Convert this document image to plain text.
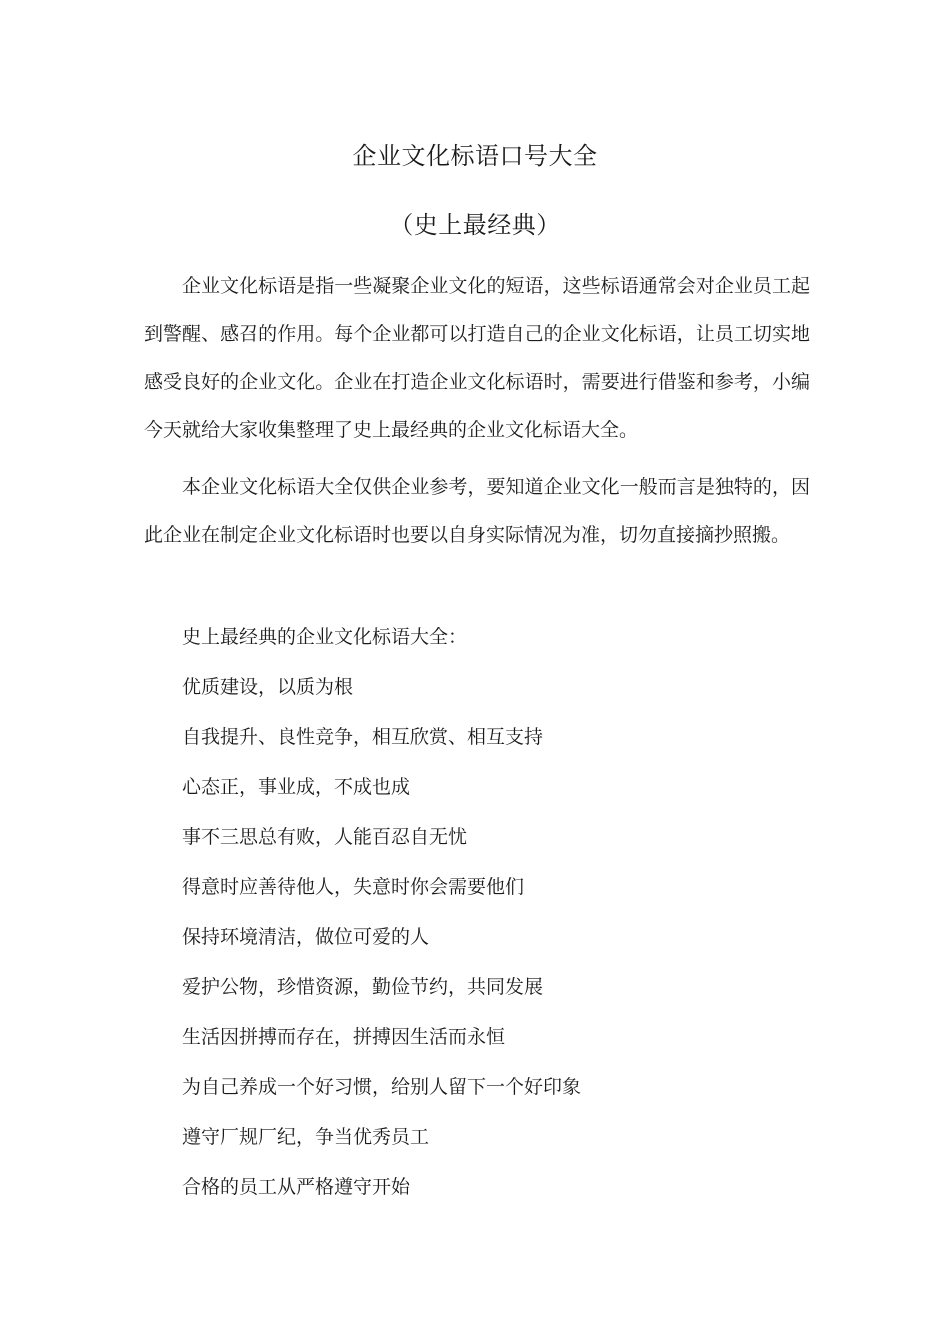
企业文化标语口号大全
（史上最经典）

企业文化标语是指一些凝聚企业文化的短语，这些标语通常会对企业员工起到警醒、感召的作用。每个企业都可以打造自己的企业文化标语，让员工切实地感受良好的企业文化。企业在打造企业文化标语时，需要进行借鉴和参考，小编今天就给大家收集整理了史上最经典的企业文化标语大全。

本企业文化标语大全仅供企业参考，要知道企业文化一般而言是独特的，因此企业在制定企业文化标语时也要以自身实际情况为准，切勿直接摘抄照搬。

史上最经典的企业文化标语大全：
优质建设，以质为根
自我提升、良性竞争，相互欣赏、相互支持
心态正，事业成，不成也成
事不三思总有败，人能百忍自无忧
得意时应善待他人，失意时你会需要他们
保持环境清洁，做位可爱的人
爱护公物，珍惜资源，勤俭节约，共同发展
生活因拼搏而存在，拼搏因生活而永恒
为自己养成一个好习惯，给别人留下一个好印象
遵守厂规厂纪，争当优秀员工
合格的员工从严格遵守开始
